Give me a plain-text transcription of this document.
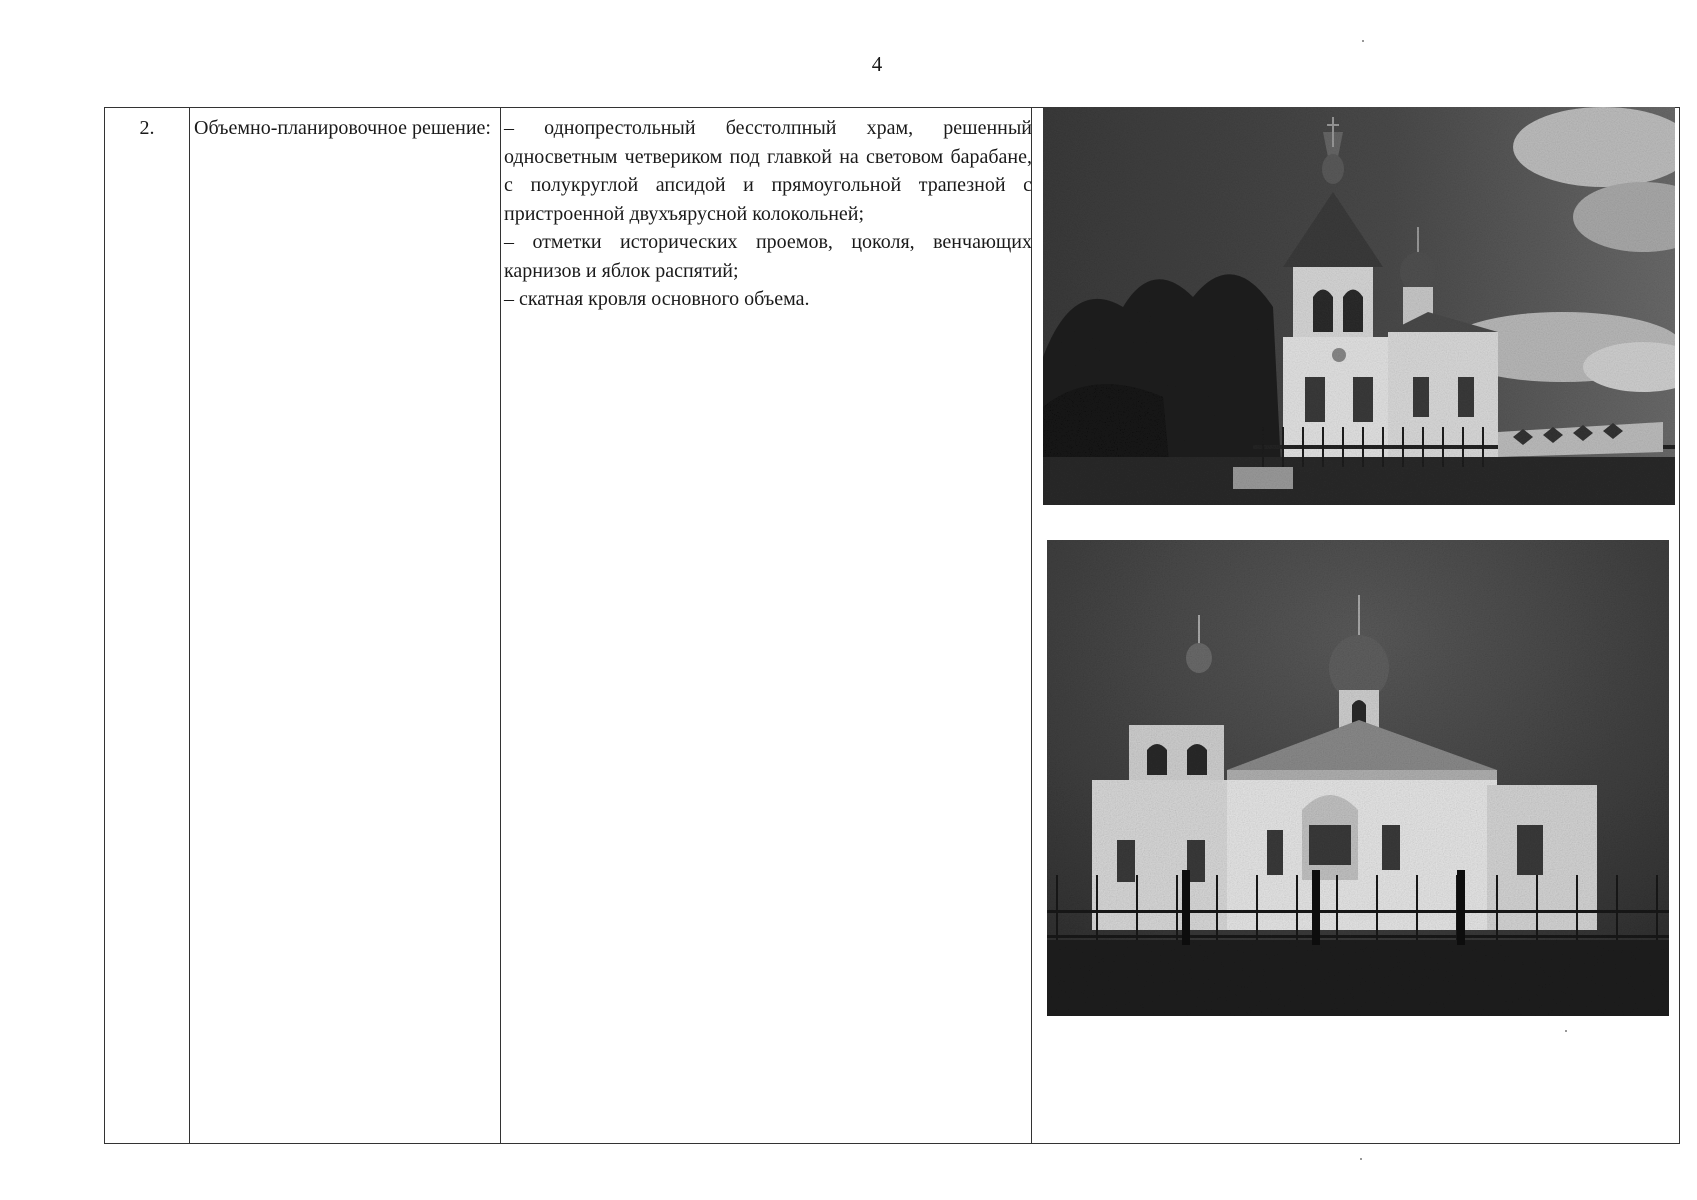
4
2.	Объемно-планировочное решение: – однопрестольный бесстолпный храм, решенный односветным четвериком под главкой на световом барабане, с полукруглой апсидой и прямоугольной трапезной с пристроенной двухъярусной колокольней;

– отметки исторических проемов, цоколя, венчающих карнизов и яблок распятий;

– скатная кровля основного объема.
